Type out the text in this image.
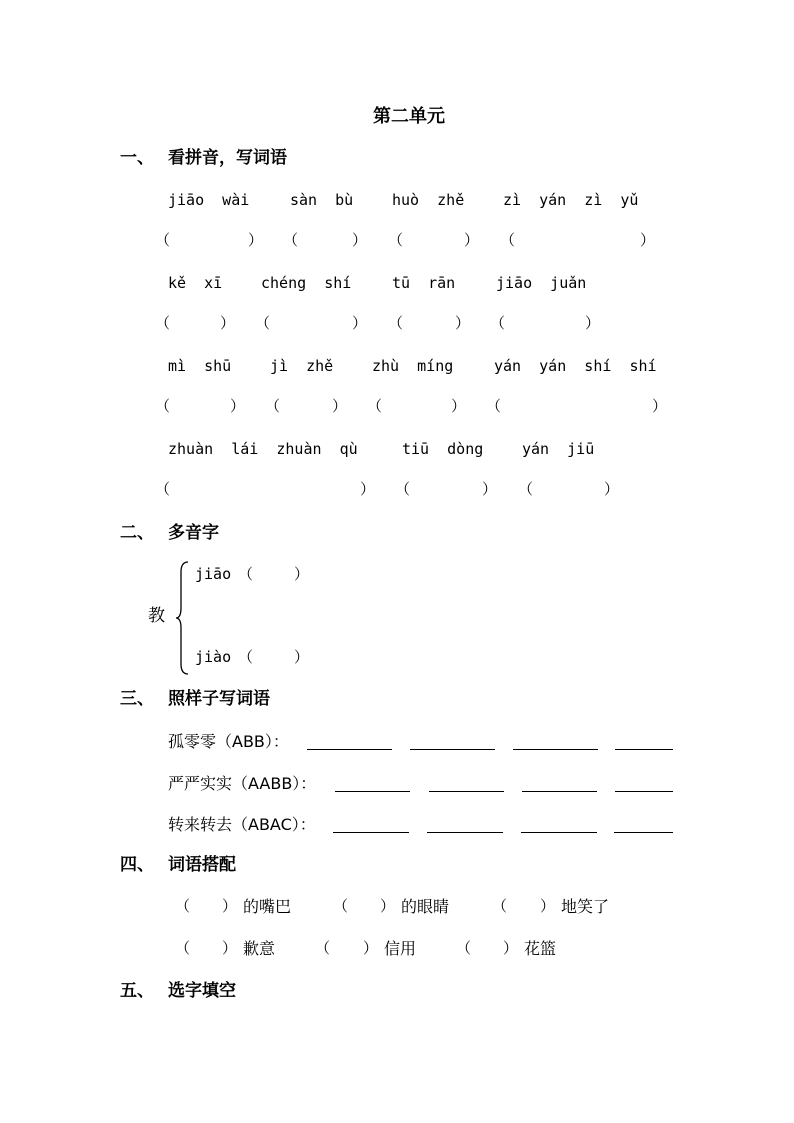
第二单元
一、 看拼音，写词语
jiāo  wài	sàn  bù	huò  zhě	zì  yán  zì  yǔ
（	） （	） （	） （	）
kě  xī	chéng  shí	tū  rān	jiāo  juǎn
（	） （	） （	） （	）
mì  shū	jì  zhě	zhù  míng	yán  yán  shí  shí
（	） （	） （	） （	）
zhuàn  lái  zhuàn  qù	tiū  dòng	yán  jiū
（	） （	） （	）
二、 多音字
教
jiāo （	）
jiào （	）
三、 照样子写词语
孤零零（ABB）：
严严实实（AABB）：
转来转去（ABAC）：
四、 词语搭配
（ ） 的嘴巴	（ ） 的眼睛	（ ） 地笑了
（ ） 歉意	（ ） 信用	（ ） 花篮
五、 选字填空
